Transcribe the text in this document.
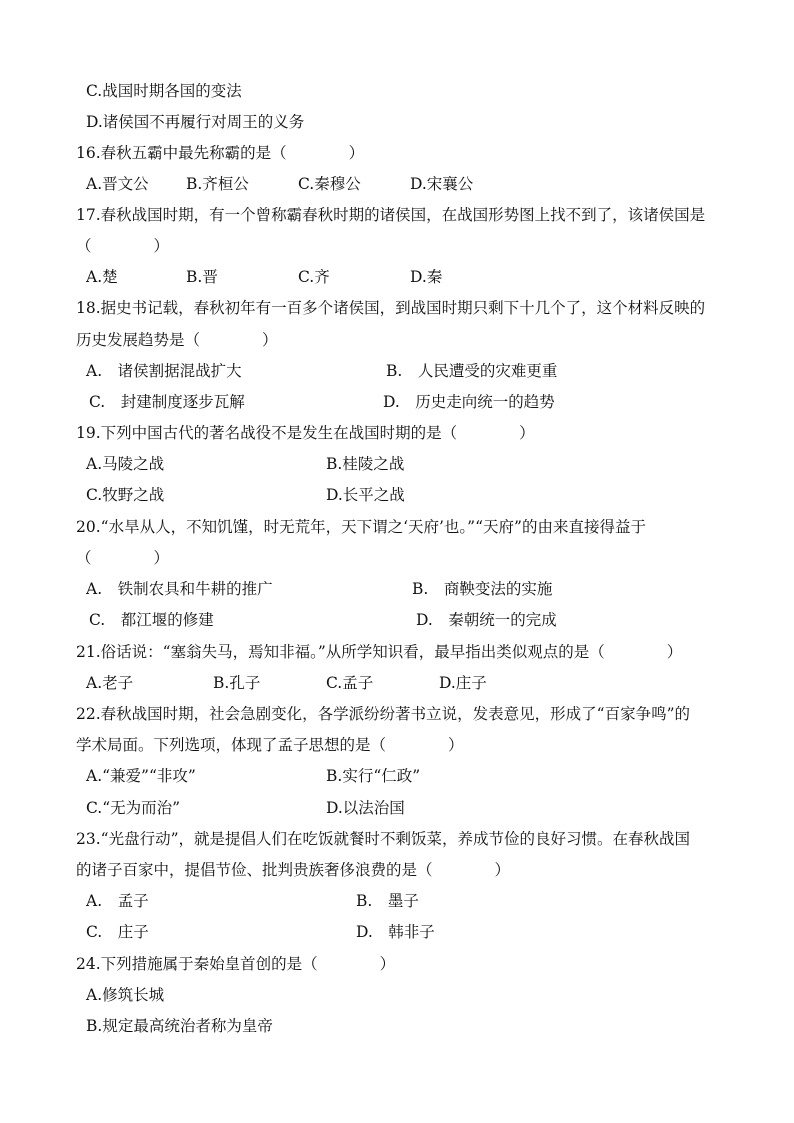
C.战国时期各国的变法
D.诸侯国不再履行对周王的义务
16.春秋五霸中最先称霸的是（　　　　）
A.晋文公 B.齐桓公	C.秦穆公	D.宋襄公
17.春秋战国时期，有一个曾称霸春秋时期的诸侯国，在战国形势图上找不到了，该诸侯国是
（　　　　）
A.楚	B.晋	C.齐	D.秦
18.据史书记载，春秋初年有一百多个诸侯国，到战国时期只剩下十几个了，这个材料反映的
历史发展趋势是（　　　　）
A.　诸侯割据混战扩大	B.　人民遭受的灾难更重
C.　封建制度逐步瓦解	D.　历史走向统一的趋势
19.下列中国古代的著名战役不是发生在战国时期的是（　　　　）
A.马陵之战	B.桂陵之战
C.牧野之战	D.长平之战
20.“水旱从人，不知饥馑，时无荒年，天下谓之‘天府’也。”“天府”的由来直接得益于
（　　　　）
A.　铁制农具和牛耕的推广	B.　商鞅变法的实施
C.　都江堰的修建	D.　秦朝统一的完成
21.俗话说：“塞翁失马，焉知非福。”从所学知识看，最早指出类似观点的是（　　　　）
A.老子	B.孔子	C.孟子	D.庄子
22.春秋战国时期，社会急剧变化，各学派纷纷著书立说，发表意见，形成了“百家争鸣”的
学术局面。下列选项，体现了孟子思想的是（　　　　）
A.“兼爱”“非攻”	B.实行“仁政”
C.“无为而治”	D.以法治国
23.“光盘行动”，就是提倡人们在吃饭就餐时不剩饭菜，养成节俭的良好习惯。在春秋战国
的诸子百家中，提倡节俭、批判贵族奢侈浪费的是（　　　　）
A.　孟子	B.　墨子
C.　庄子	D.　韩非子
24.下列措施属于秦始皇首创的是（　　　　）
A.修筑长城
B.规定最高统治者称为皇帝
